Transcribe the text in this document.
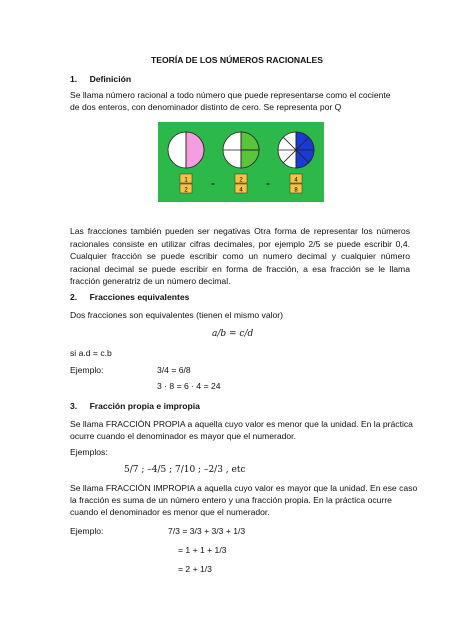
TEORÍA DE LOS NÚMEROS RACIONALES
1. Definición
Se llama número racional a todo número que puede representarse como el cociente
de dos enteros, con denominador distinto de cero. Se representa por Q
1
2
=
2
4
=
4
8
Las fracciones también pueden ser negativas Otra forma de representar los números racionales consiste en utilizar cifras decimales, por ejemplo 2/5 se puede escribir 0,4. Cualquier fracción se puede escribir como un numero decimal y cualquier número racional decimal se puede escribir en forma de fracción, a esa fracción se le llama fracción generatriz de un número decimal.
2. Fracciones equivalentes
Dos fracciones son equivalentes (tienen el mismo valor)
a/b = c/d
si a.d = c.b
Ejemplo:	3/4 = 6/8
3 · 8 = 6 · 4 = 24
3. Fracción propia e impropia
Se llama FRACCIÓN PROPIA a aquella cuyo valor es menor que la unidad. En la práctica
ocurre cuando el denominador es mayor que el numerador.
Ejemplos:
5/7 ; –4/5 ; 7/10 ; –2/3 , etc
Se llama FRACCIÓN IMPROPIA a aquella cuyo valor es mayor que la unidad. En ese caso
la fracción es suma de un número entero y una fracción propia. En la práctica ocurre
cuando el denominador es menor que el numerador.
Ejemplo:	7/3 = 3/3 + 3/3 + 1/3
= 1 + 1 + 1/3
= 2 + 1/3
